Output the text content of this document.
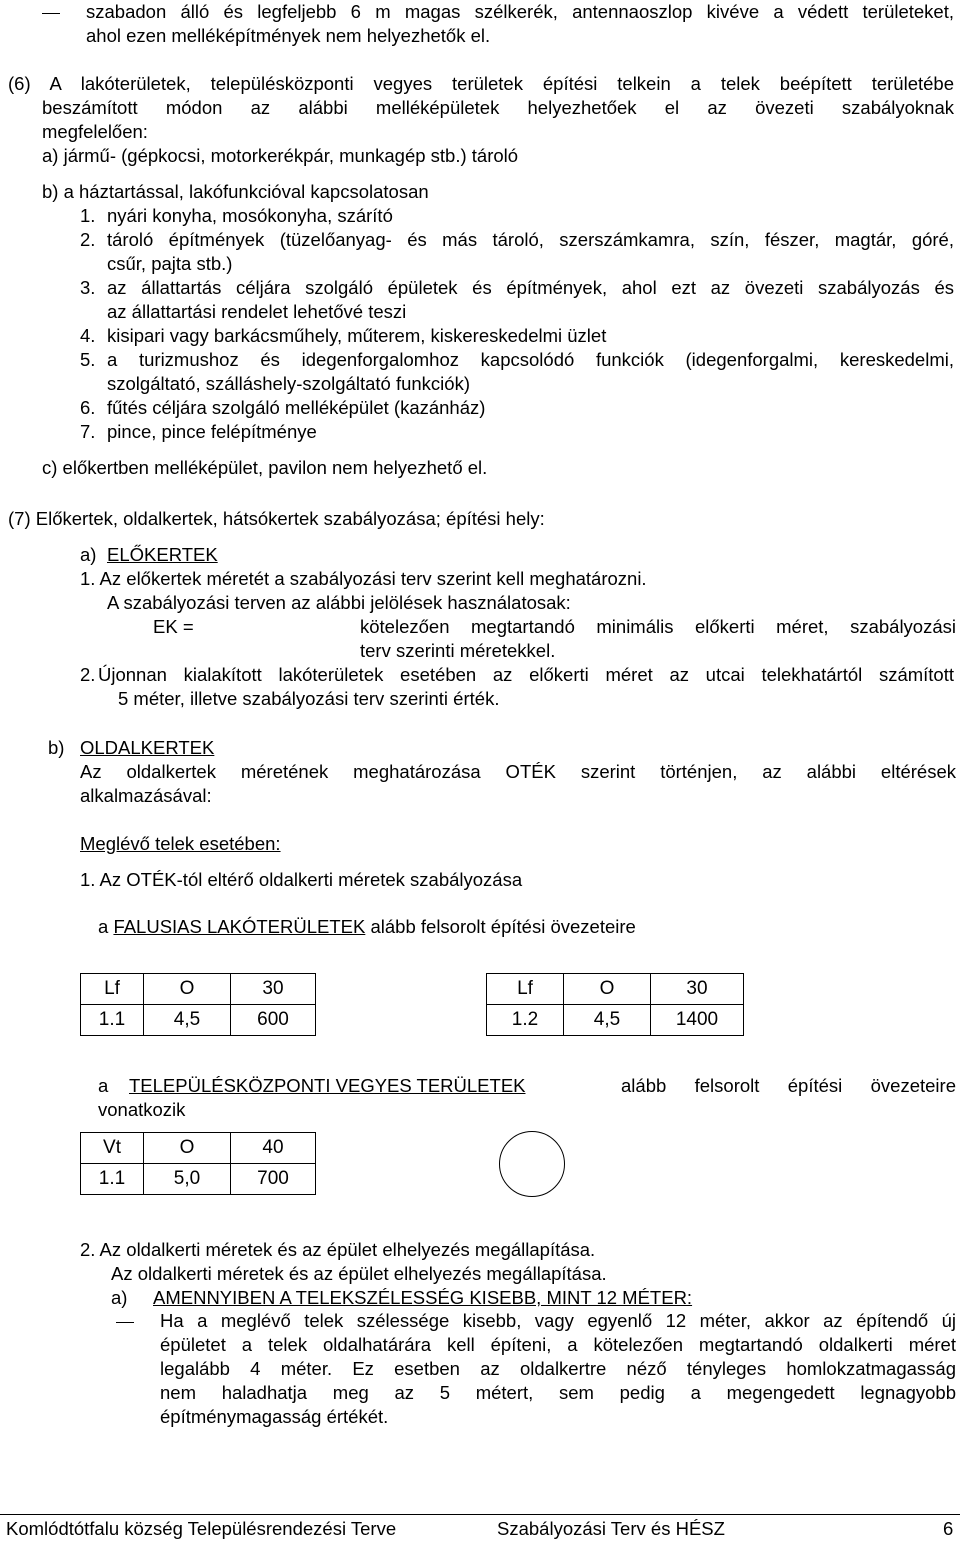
szabadon álló és legfeljebb 6 m magas szélkerék, antennaoszlop kivéve a védett területeket,
ahol ezen melléképítmények nem helyezhetők el.
(6) A lakóterületek, településközponti vegyes területek építési telkein a telek beépített területébe
beszámított módon az alábbi melléképületek helyezhetőek el az övezeti szabályoknak
megfelelően:
a) jármű- (gépkocsi, motorkerékpár, munkagép stb.) tároló
b) a háztartással, lakófunkcióval kapcsolatosan
1. nyári konyha, mosókonyha, szárító
2. tároló építmények (tüzelőanyag- és más tároló, szerszámkamra, szín, fészer, magtár, góré,
csűr, pajta stb.)
3. az állattartás céljára szolgáló épületek és építmények, ahol ezt az övezeti szabályozás és
az állattartási rendelet lehetővé teszi
4. kisipari vagy barkácsműhely, műterem, kiskereskedelmi üzlet
5. a turizmushoz és idegenforgalomhoz kapcsolódó funkciók (idegenforgalmi, kereskedelmi,
szolgáltató, szálláshely-szolgáltató funkciók)
6. fűtés céljára szolgáló melléképület (kazánház)
7. pince, pince felépítménye
c) előkertben melléképület, pavilon nem helyezhető el.
(7) Előkertek, oldalkertek, hátsókertek szabályozása; építési hely:
a) ELŐKERTEK
1. Az előkertek méretét a szabályozási terv szerint kell meghatározni.
A szabályozási terven az alábbi jelölések használatosak:
EK =	kötelezően megtartandó minimális előkerti méret, szabályozási
terv szerinti méretekkel.
2. Újonnan kialakított lakóterületek esetében az előkerti méret az utcai telekhatártól számított
5 méter, illetve szabályozási terv szerinti érték.
b) OLDALKERTEK
Az oldalkertek méretének meghatározása OTÉK szerint történjen, az alábbi eltérések
alkalmazásával:
Meglévő telek esetében:
1. Az OTÉK-tól eltérő oldalkerti méretek szabályozása
a FALUSIAS LAKÓTERÜLETEK alább felsorolt építési övezeteire
Lf	O	30
1.1	4,5	600
Lf	O	30
1.2	4,5	1400
a TELEPÜLÉSKÖZPONTI VEGYES TERÜLETEK	alább felsorolt építési övezeteire
vonatkozik
Vt	O	40
1.1	5,0	700
2. Az oldalkerti méretek és az épület elhelyezés megállapítása.
Az oldalkerti méretek és az épület elhelyezés megállapítása.
a) AMENNYIBEN A TELEKSZÉLESSÉG KISEBB, MINT 12 MÉTER:
Ha a meglévő telek szélessége kisebb, vagy egyenlő 12 méter, akkor az építendő új
épületet a telek oldalhatárára kell építeni, a kötelezően megtartandó oldalkerti méret
legalább 4 méter. Ez esetben az oldalkertre néző tényleges homlokzatmagasság
nem haladhatja meg az 5 métert, sem pedig a megengedett legnagyobb
építménymagasság értékét.
Komlódtótfalu község Településrendezési Terve	Szabályozási Terv és HÉSZ	6
